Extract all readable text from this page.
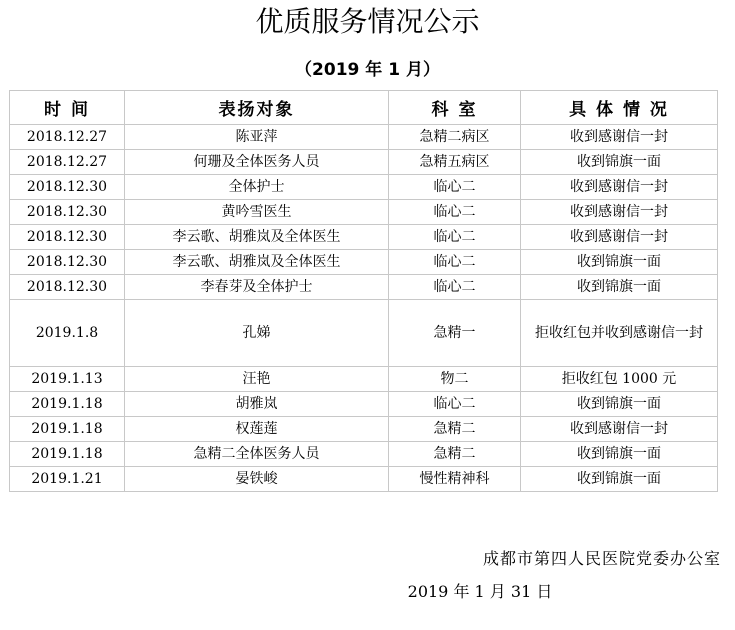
优质服务情况公示
（2019 年 1 月）
时 间	表扬对象	科 室	具 体 情 况
2018.12.27	陈亚萍	急精二病区	收到感谢信一封
2018.12.27	何珊及全体医务人员	急精五病区	收到锦旗一面
2018.12.30	全体护士	临心二	收到感谢信一封
2018.12.30	黄吟雪医生	临心二	收到感谢信一封
2018.12.30	李云歌、胡雅岚及全体医生	临心二	收到感谢信一封
2018.12.30	李云歌、胡雅岚及全体医生	临心二	收到锦旗一面
2018.12.30	李春芽及全体护士	临心二	收到锦旗一面
2019.1.8	孔娣	急精一	拒收红包并收到感谢信一封
2019.1.13	汪艳	物二	拒收红包 1000 元
2019.1.18	胡雅岚	临心二	收到锦旗一面
2019.1.18	权莲莲	急精二	收到感谢信一封
2019.1.18	急精二全体医务人员	急精二	收到锦旗一面
2019.1.21	晏铁峻	慢性精神科	收到锦旗一面
成都市第四人民医院党委办公室
2019 年 1 月 31 日
